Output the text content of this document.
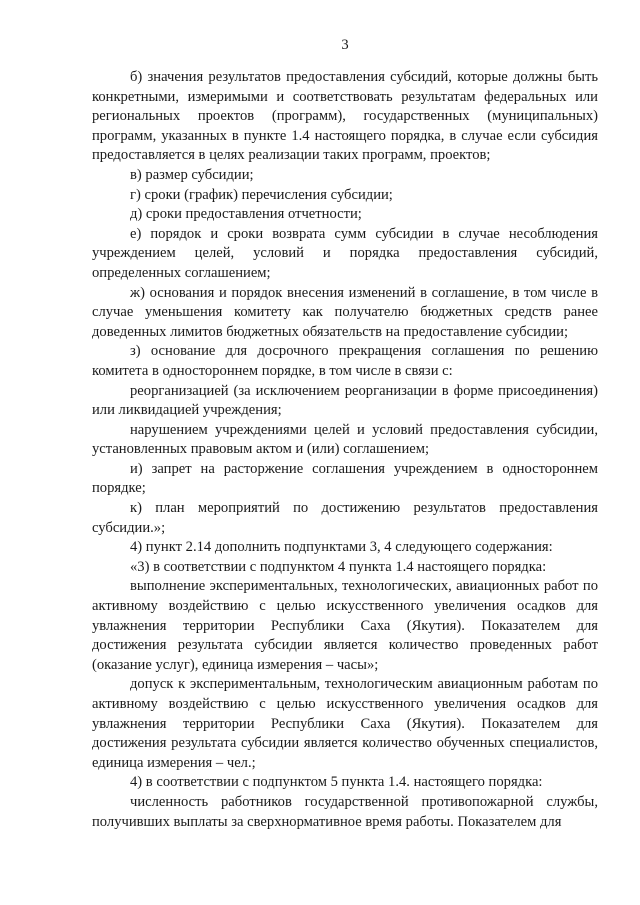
3

б) значения результатов предоставления субсидий, которые должны быть конкретными, измеримыми и соответствовать результатам федеральных или региональных проектов (программ), государственных (муниципальных) программ, указанных в пункте 1.4 настоящего порядка, в случае если субсидия предоставляется в целях реализации таких программ, проектов;

в) размер субсидии;

г) сроки (график) перечисления субсидии;

д) сроки предоставления отчетности;

е) порядок и сроки возврата сумм субсидии в случае несоблюдения учреждением целей, условий и порядка предоставления субсидий, определенных соглашением;

ж) основания и порядок внесения изменений в соглашение, в том числе в случае уменьшения комитету как получателю бюджетных средств ранее доведенных лимитов бюджетных обязательств на предоставление субсидии;

з) основание для досрочного прекращения соглашения по решению комитета в одностороннем порядке, в том числе в связи с:

реорганизацией (за исключением реорганизации в форме присоединения) или ликвидацией учреждения;

нарушением учреждениями целей и условий предоставления субсидии, установленных правовым актом и (или) соглашением;

и) запрет на расторжение соглашения учреждением в одностороннем порядке;

к) план мероприятий по достижению результатов предоставления субсидии.»;

4) пункт 2.14 дополнить подпунктами 3, 4 следующего содержания:

«3) в соответствии с подпунктом 4 пункта 1.4 настоящего порядка:

выполнение экспериментальных, технологических, авиационных работ по активному воздействию с целью искусственного увеличения осадков для увлажнения территории Республики Саха (Якутия). Показателем для достижения результата субсидии является количество проведенных работ (оказание услуг), единица измерения – часы»;

допуск к экспериментальным, технологическим авиационным работам по активному воздействию с целью искусственного увеличения осадков для увлажнения территории Республики Саха (Якутия). Показателем для достижения результата субсидии является количество обученных специалистов, единица измерения – чел.;

4) в соответствии с подпунктом 5 пункта 1.4. настоящего порядка:

численность работников государственной противопожарной службы, получивших выплаты за сверхнормативное время работы. Показателем для
